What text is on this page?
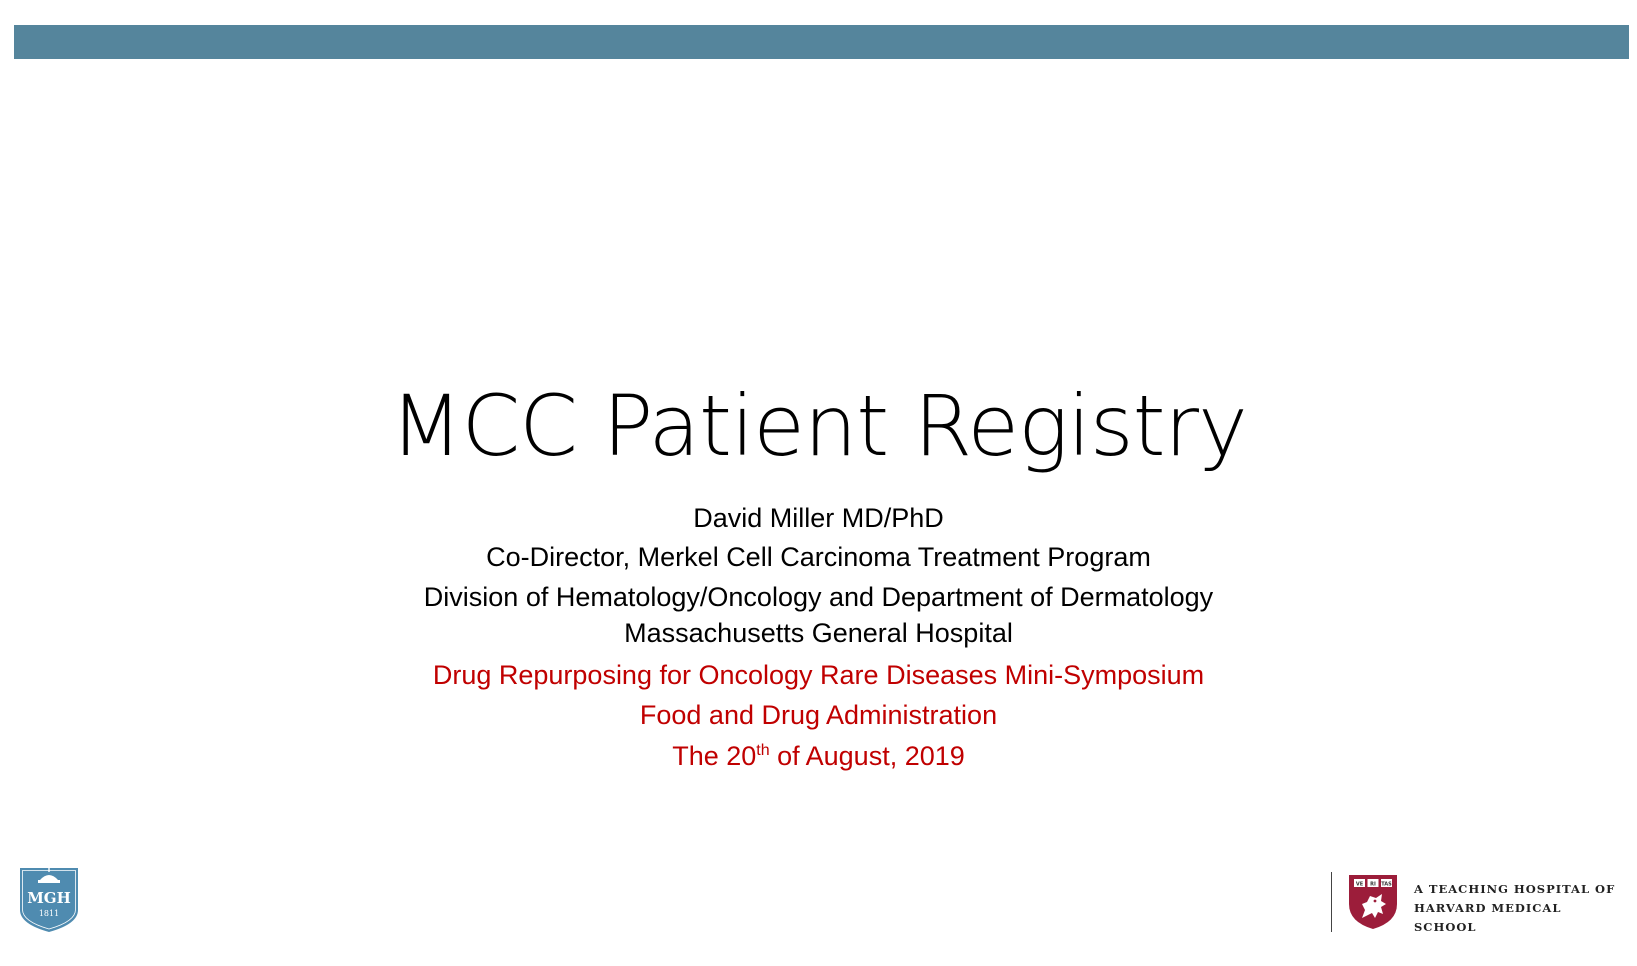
MCC Patient Registry
David Miller MD/PhD
Co-Director, Merkel Cell Carcinoma Treatment Program
Division of Hematology/Oncology and Department of Dermatology
Massachusetts General Hospital
Drug Repurposing for Oncology Rare Diseases Mini-Symposium
Food and Drug Administration
The 20th of August, 2019
MGH
1811
VE RI TAS A TEACHING HOSPITAL OF HARVARD MEDICAL SCHOOL
